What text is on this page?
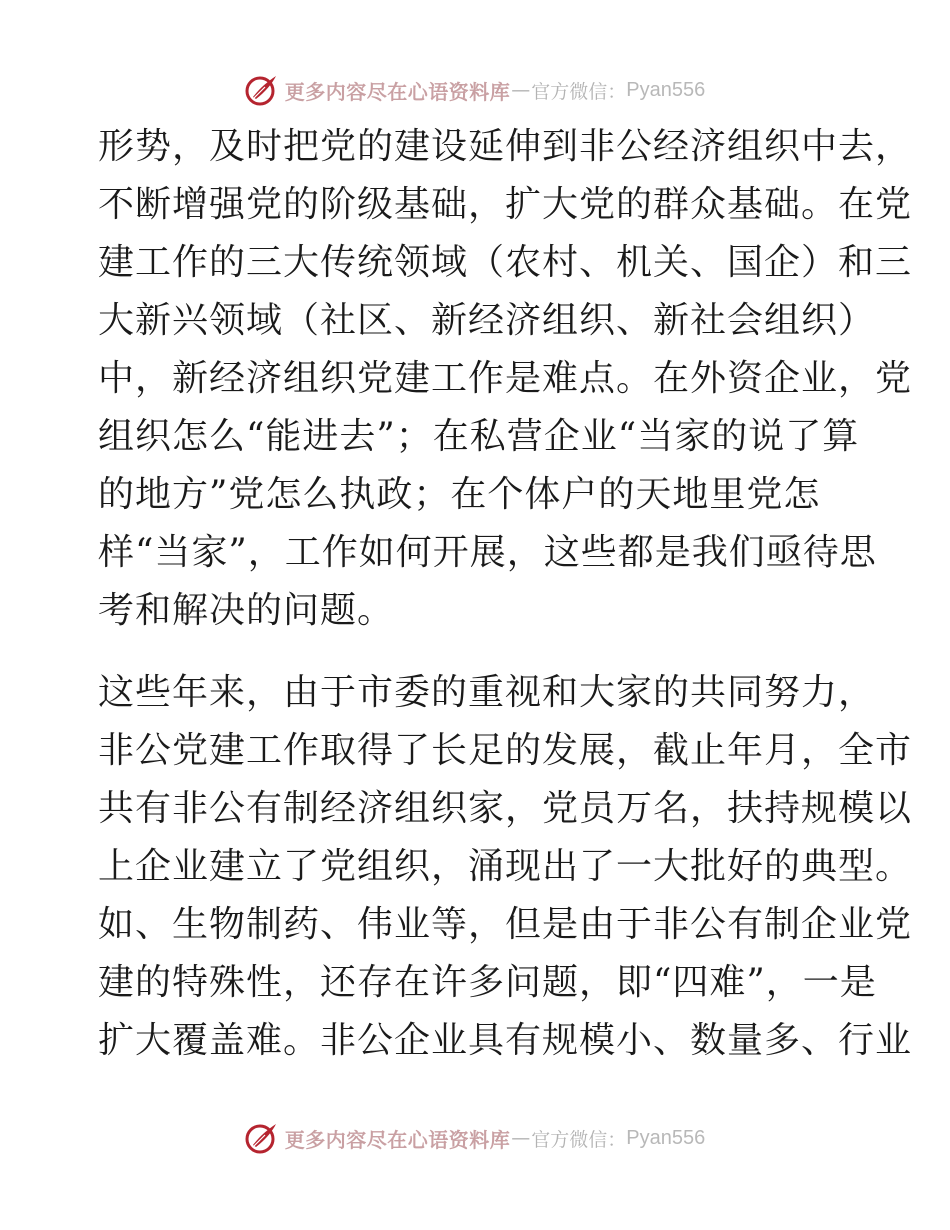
更多内容尽在心语资料库 — 官方微信： Pyan556
形势，及时把党的建设延伸到非公经济组织中去，
不断增强党的阶级基础，扩大党的群众基础。在党
建工作的三大传统领域（农村、机关、国企）和三
大新兴领域（社区、新经济组织、新社会组织）
中，新经济组织党建工作是难点。在外资企业，党
组织怎么“能进去”；在私营企业“当家的说了算
的地方”党怎么执政；在个体户的天地里党怎
样“当家”，工作如何开展，这些都是我们亟待思
考和解决的问题。
这些年来，由于市委的重视和大家的共同努力，
非公党建工作取得了长足的发展，截止年月，全市
共有非公有制经济组织家，党员万名，扶持规模以
上企业建立了党组织，涌现出了一大批好的典型。
如、生物制药、伟业等，但是由于非公有制企业党
建的特殊性，还存在许多问题，即“四难”，一是
扩大覆盖难。非公企业具有规模小、数量多、行业
更多内容尽在心语资料库 — 官方微信： Pyan556
